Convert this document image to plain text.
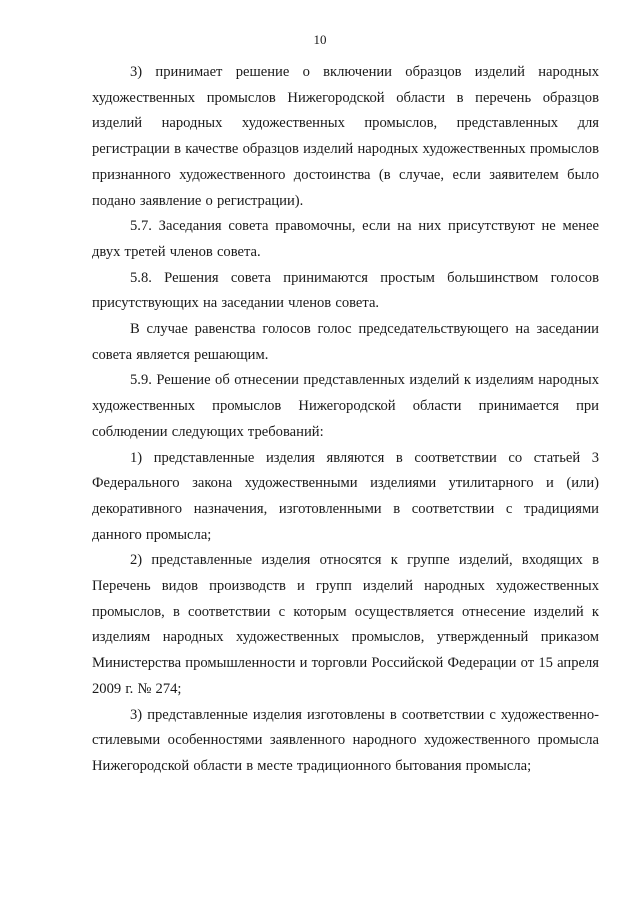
10

3) принимает решение о включении образцов изделий народных художественных промыслов Нижегородской области в перечень образцов изделий народных художественных промыслов, представленных для регистрации в качестве образцов изделий народных художественных промыслов признанного художественного достоинства (в случае, если заявителем было подано заявление о регистрации).

5.7. Заседания совета правомочны, если на них присутствуют не менее двух третей членов совета.

5.8. Решения совета принимаются простым большинством голосов присутствующих на заседании членов совета.

В случае равенства голосов голос председательствующего на заседании совета является решающим.

5.9. Решение об отнесении представленных изделий к изделиям народных художественных промыслов Нижегородской области принимается при соблюдении следующих требований:

1) представленные изделия являются в соответствии со статьей 3 Федерального закона художественными изделиями утилитарного и (или) декоративного назначения, изготовленными в соответствии с традициями данного промысла;

2) представленные изделия относятся к группе изделий, входящих в Перечень видов производств и групп изделий народных художественных промыслов, в соответствии с которым осуществляется отнесение изделий к изделиям народных художественных промыслов, утвержденный приказом Министерства промышленности и торговли Российской Федерации от 15 апреля 2009 г. № 274;

3) представленные изделия изготовлены в соответствии с художественно-стилевыми особенностями заявленного народного художественного промысла Нижегородской области в месте традиционного бытования промысла;
